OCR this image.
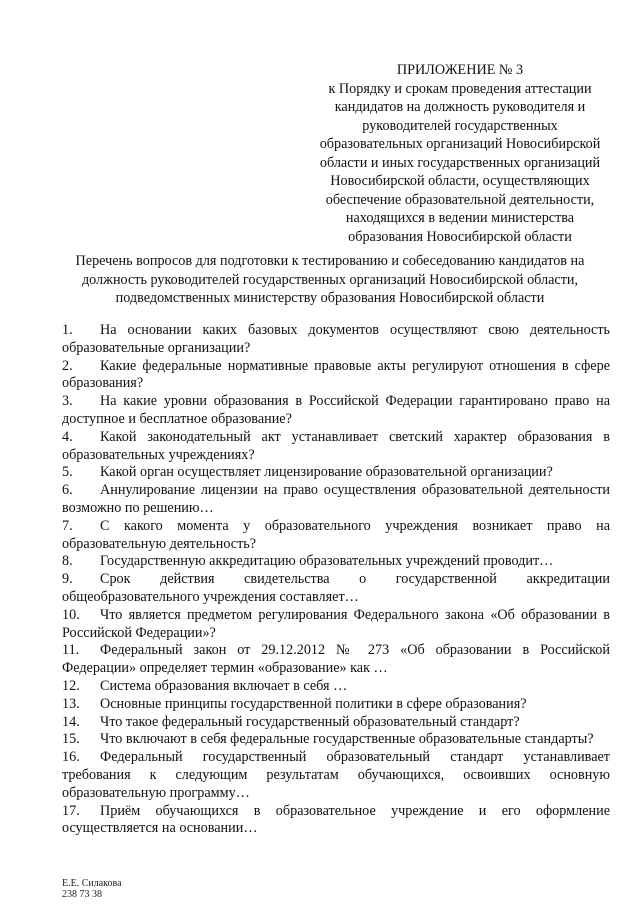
ПРИЛОЖЕНИЕ № 3
к Порядку и срокам проведения аттестации
кандидатов на должность руководителя и
руководителей государственных
образовательных организаций Новосибирской
области и иных государственных организаций
Новосибирской области, осуществляющих
обеспечение образовательной деятельности,
находящихся в ведении министерства
образования Новосибирской области
Перечень вопросов для подготовки к тестированию и собеседованию кандидатов на
должность руководителей государственных организаций Новосибирской области,
подведомственных министерству образования Новосибирской области

1. На основании каких базовых документов осуществляют свою деятельность образовательные организации?

2. Какие федеральные нормативные правовые акты регулируют отношения в сфере образования?

3. На какие уровни образования в Российской Федерации гарантировано право на доступное и бесплатное образование?

4. Какой законодательный акт устанавливает светский характер образования в образовательных учреждениях?

5. Какой орган осуществляет лицензирование образовательной организации?

6. Аннулирование лицензии на право осуществления образовательной деятельности возможно по решению…

7. С какого момента у образовательного учреждения возникает право на образовательную деятельность?

8. Государственную аккредитацию образовательных учреждений проводит…

9. Срок действия свидетельства о государственной аккредитации общеобразовательного учреждения составляет…

10. Что является предметом регулирования Федерального закона «Об образовании в Российской Федерации»?

11. Федеральный закон от 29.12.2012 № 273 «Об образовании в Российской Федерации» определяет термин «образование» как …

12. Система образования включает в себя …

13. Основные принципы государственной политики в сфере образования?

14. Что такое федеральный государственный образовательный стандарт?

15. Что включают в себя федеральные государственные образовательные стандарты?

16. Федеральный государственный образовательный стандарт устанавливает требования к следующим результатам обучающихся, освоивших основную образовательную программу…

17. Приём обучающихся в образовательное учреждение и его оформление осуществляется на основании…

Е.Е. Силакова
238 73 38
